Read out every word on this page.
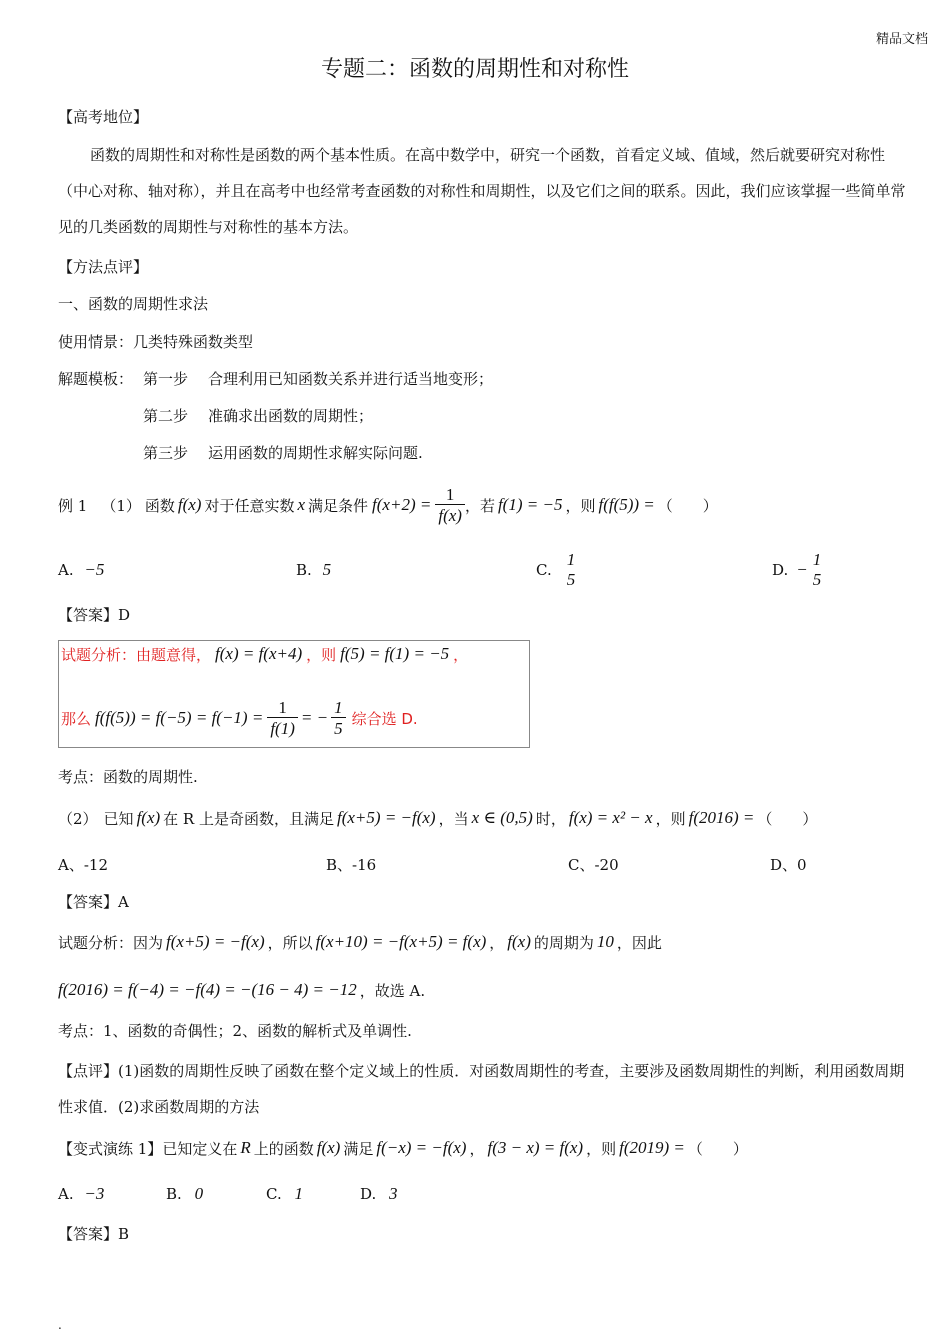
精品文档
专题二：函数的周期性和对称性
【高考地位】
函数的周期性和对称性是函数的两个基本性质。在高中数学中，研究一个函数，首看定义域、值域，然后就要研究对称性（中心对称、轴对称），并且在高考中也经常考查函数的对称性和周期性，以及它们之间的联系。因此，我们应该掌握一些简单常见的几类函数的周期性与对称性的基本方法。
【方法点评】
一、函数的周期性求法
使用情景：几类特殊函数类型
解题模板： 第一步 合理利用已知函数关系并进行适当地变形；
第二步 准确求出函数的周期性；
第三步 运用函数的周期性求解实际问题.
例 1 （1） 函数 f(x) 对于任意实数 x 满足条件 $f(x+2) = \frac{1}{f(x)}$ ，若 f(1) = −5 ，则 f(f(5)) = （　　）
A. −5	B. 5	C.
1
5	D. −
1
5
【答案】D
试题分析：由题意得， f(x) = f(x+4) ，则 f(5) = f(1) = −5 ，
那么 $f(f(5)) = f(-5) = f(-1) = \frac{1}{f(1)}$ = − $\frac{1}{5}$ 综合选 D.
考点：函数的周期性.
（2） 已知 f(x) 在 R 上是奇函数，且满足 f(x+5) = −f(x) ，当 x ∈ (0,5) 时， f(x) = x² − x ，则 f(2016) = （　　）
A、-12	B、-16	C、-20	D、0
【答案】A
试题分析：因为 f(x+5) = −f(x) ，所以 f(x+10) = −f(x+5) = f(x) ， f(x) 的周期为 10 ，因此
f(2016) = f(−4) = −f(4) = −(16 − 4) = −12 ，故选 A.
考点：1、函数的奇偶性；2、函数的解析式及单调性.
【点评】(1)函数的周期性反映了函数在整个定义域上的性质．对函数周期性的考查，主要涉及函数周期性的判断，利用函数周期性求值．(2)求函数周期的方法
【变式演练 1】 已知定义在 R 上的函数 f(x) 满足 f(−x) = −f(x) ， f(3 − x) = f(x) ，则 f(2019) = （　　）
A. −3	B. 0	C. 1	D. 3
【答案】B
.
